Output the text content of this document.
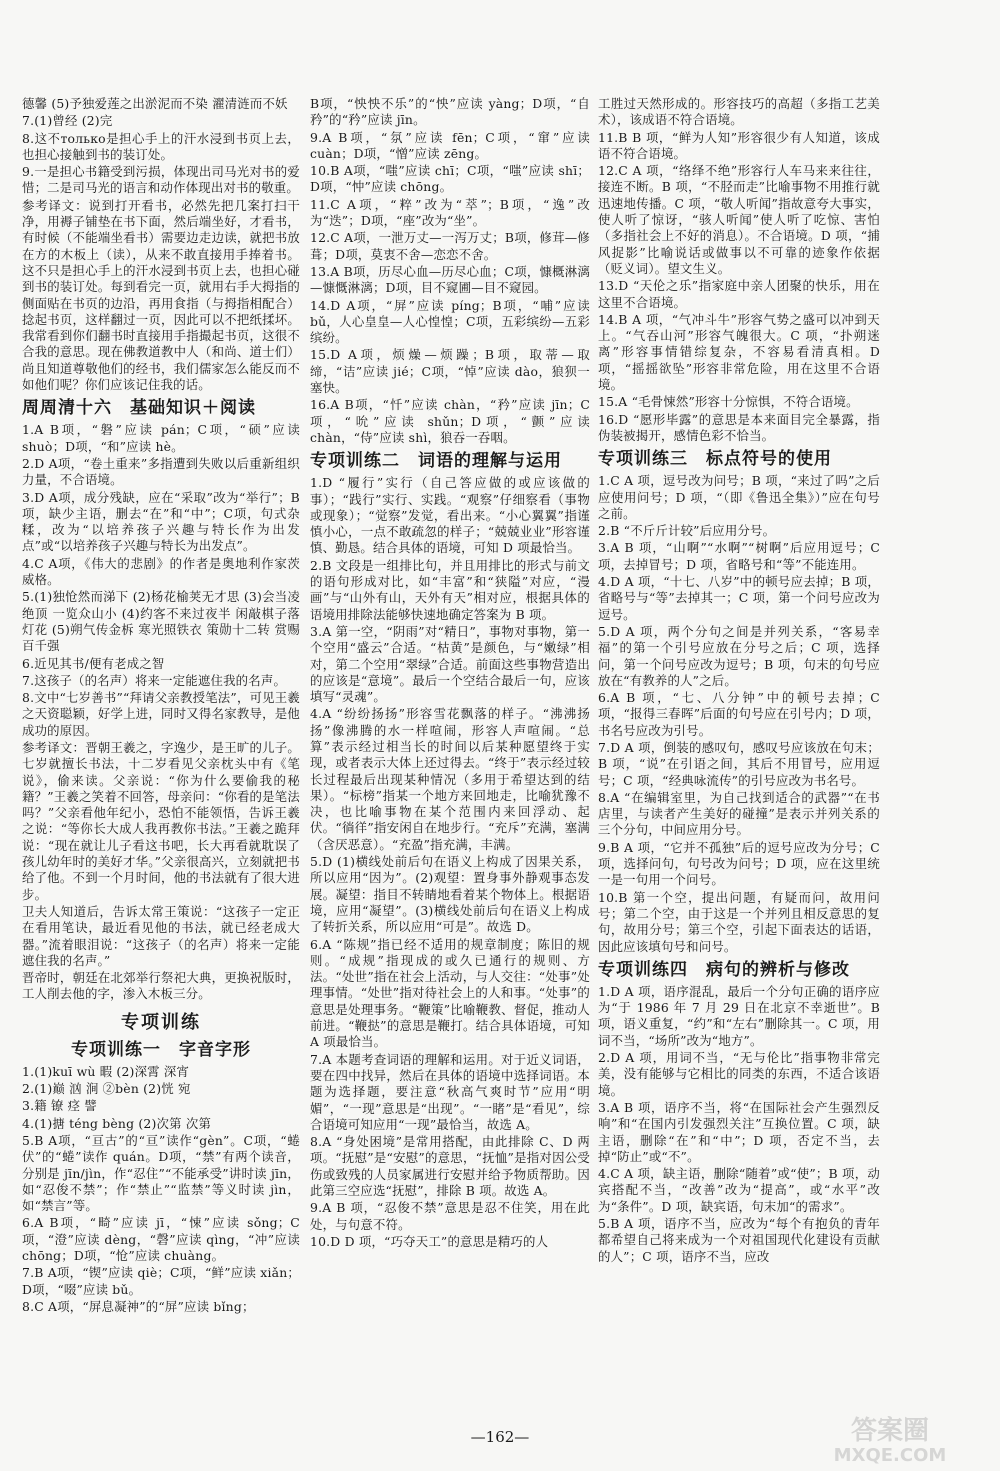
德馨 (5)予独爱莲之出淤泥而不染 濯清涟而不妖

7.(1)曾经 (2)完

8.这不только是担心手上的汗水浸到书页上去，也担心接触到书的装订处。

9.一是担心书籍受到污损，体现出司马光对书的爱惜；二是司马光的语言和动作体现出对书的敬重。

参考译文：说到打开看书，必然先把几案打扫干净，用褥子铺垫在书下面，然后端坐好，才看书，有时候（不能端坐看书）需要边走边读，就把书放在方的木板上（读），从来不敢直接用手捧着书。这不只是担心手上的汗水浸到书页上去，也担心碰到书的装订处。每到看完一页，就用右手大拇指的侧面贴在书页的边沿，再用食指（与拇指相配合）捻起书页，这样翻过一页，因此可以不把纸揉坏。我常看到你们翻书时直接用手指撮起书页，这很不合我的意思。现在佛教道教中人（和尚、道士们）尚且知道尊敬他们的经书，我们儒家怎么能反而不如他们呢？你们应该记住我的话。

周周清十六　基础知识＋阅读

1.A B项，“磐”应读 pán；C项，“硕”应读 shuò；D项，“和”应读 hè。

2.D A项，“卷土重来”多指遭到失败以后重新组织力量，不合语境。

3.D A项，成分残缺，应在“采取”改为“举行”；B项，缺少主语，删去“在”和“中”；C项，句式杂糅，改为“以培养孩子兴趣与特长作为出发点”或“以培养孩子兴趣与特长为出发点”。

4.C A项，《伟大的悲剧》的作者是奥地利作家茨威格。

5.(1)独怆然而涕下 (2)杨花榆荚无才思 (3)会当凌绝顶 一览众山小 (4)约客不来过夜半 闲敲棋子落灯花 (5)朔气传金柝 寒光照铁衣 策勋十二转 赏赐百千强

6.近见其书/便有老成之智

7.这孩子（的名声）将来一定能遮住我的名声。

8.文中“七岁善书”“拜请父亲教授笔法”，可见王羲之天资聪颖，好学上进，同时又得名家教导，是他成功的原因。

参考译文：晋朝王羲之，字逸少，是王旷的儿子。七岁就擅长书法，十二岁看见父亲枕头中有《笔说》，偷来读。父亲说：“你为什么要偷我的秘籍？”王羲之笑着不回答，母亲问：“你看的是笔法吗？”父亲看他年纪小，恐怕不能领悟，告诉王羲之说：“等你长大成人我再教你书法。”王羲之跪拜说：“现在就让儿子看这书吧，长大再看就耽误了孩儿幼年时的美好才华。”父亲很高兴，立刻就把书给了他。不到一个月时间，他的书法就有了很大进步。

卫夫人知道后，告诉太常王策说：“这孩子一定正在看用笔诀，最近看见他的书法，就已经老成大器。”流着眼泪说：“这孩子（的名声）将来一定能遮住我的名声。”

晋帝时，朝廷在北郊举行祭祀大典，更换祝版时，工人削去他的字，渗入木板三分。

专项训练
专项训练一　字音字形

1.(1)kuī wù 暇 (2)深霄 深宵

2.(1)巅 汹 涧 ②bèn (2)恍 宛

3.籍 镣 痉 譬

4.(1)搪 téng bèng (2)次第 次第

5.B A项，“亘古”的“亘”读作“gèn”。C项，“蜷伏”的“蜷”读作 quán。D项，“禁”有两个读音，分别是 jīn/jìn，作“忍住”“不能承受”讲时读 jīn，如“忍俊不禁”；作“禁止”“监禁”等义时读 jìn，如“禁言”等。

6.A B项，“畸”应读 jī，“悚”应读 sǒng；C项，“澄”应读 dèng，“磬”应读 qìng，“冲”应读 chōng；D项，“怆”应读 chuàng。

7.B A项，“锲”应读 qiè；C项，“鲜”应读 xiǎn；D项，“啜”应读 bǔ。

8.C A项，“屏息凝神”的“屏”应读 bǐng；

B项，“怏怏不乐”的“怏”应读 yàng；D项，“自矜”的“矜”应读 jīn。

9.A B项，“氛”应读 fēn；C项，“窜”应读 cuàn；D项，“憎”应读 zēng。

10.B A项，“嗤”应读 chī；C项，“嗤”应读 shī；D项，“忡”应读 chōng。

11.C A项，“粹”改为“萃”；B项，“逸”改为“迭”；D项，“座”改为“坐”。

12.C A项，一泄万丈—一泻万丈；B项，修茸—修葺；D项，莫衷不舍—恋恋不舍。

13.A B项，历尽心血—历尽心血；C项，慷概淋漓—慷慨淋漓；D项，目不窥圃—目不窥园。

14.D A项，“屏”应读 píng；B项，“哺”应读 bǔ，人心皇皇—人心惶惶；C项，五彩缤纷—五彩缤纷。

15.D A项，烦燥—烦躁；B项，取蒂—取缔，“诘”应读 jié；C项，“悼”应读 dào，狼狈一塞快。

16.A B项，“忏”应读 chàn，“矜”应读 jīn；C项，“吮”应读 shǔn；D项，“颤”应读 chàn，“侍”应读 shì，狼吞一吞咽。

专项训练二　词语的理解与运用

1.D “履行”实行（自己答应做的或应该做的事）；“践行”实行、实践。“观察”仔细察看（事物或现象）；“觉察”发觉，看出来。“小心翼翼”指谨慎小心，一点不敢疏忽的样子；“兢兢业业”形容谨慎、勤恳。结合具体的语境，可知 D 项最恰当。

2.B 文段是一组排比句，并且用排比的形式与前文的语句形成对比，如“丰富”和“狭隘”对应，“漫画”与“山外有山，天外有天”相对应，根据具体的语境用排除法能够快速地确定答案为 B 项。

3.A 第一空，“阴雨”对“精日”，事物对事物，第一个空用“盛云”合适。“枯黄”是颜色，与“嫩绿”相对，第二个空用“翠绿”合适。前面这些事物营造出的应该是“意境”。最后一个空结合最后一句，应该填写“灵魂”。

4.A “纷纷扬扬”形容雪花飘落的样子。“沸沸扬扬”像沸腾的水一样喧闹，形容人声喧闹。“总算”表示经过相当长的时间以后某种愿望终于实现，或者表示大体上还过得去。“终于”表示经过较长过程最后出现某种情况（多用于希望达到的结果）。“标榜”指某一个地方来回地走，比喻犹豫不决，也比喻事物在某个范围内来回浮动、起伏。“徜徉”指安闲自在地步行。“充斥”充满，塞满（含厌恶意）。“充盈”指充满，丰满。

5.D (1)横线处前后句在语义上构成了因果关系，所以应用“因为”。(2)观望：置身事外静观事态发展。凝望：指目不转睛地看着某个物体上。根据语境，应用“凝望”。(3)横线处前后句在语义上构成了转折关系，所以应用“可是”。故选 D。

6.A “陈规”指已经不适用的规章制度；陈旧的规则。“成规”指现成的或久已通行的规则、方法。“处世”指在社会上活动，与人交往：“处事”处理事情。“处世”指对待社会上的人和事。“处事”的意思是处理事务。“鞭策”比喻鞭教、督促，推动人前进。“鞭挞”的意思是鞭打。结合具体语境，可知 A 项最恰当。

7.A 本题考查词语的理解和运用。对于近义词语，要在四中找异，然后在具体的语境中选择词语。本题为选择题，要注意“秋高气爽时节”应用“明媚”，“一现”意思是“出现”。“一睹”是“看见”，综合语境可知应用“一现”最恰当，故选 A。

8.A “身处困境”是常用搭配，由此排除 C、D 两项。“抚慰”是“安慰”的意思，“抚恤”是指对因公受伤或致残的人员家属进行安慰并给予物质帮助。因此第三空应选“抚慰”，排除 B 项。故选 A。

9.A B 项，“忍俊不禁”意思是忍不住笑，用在此处，与句意不符。

10.D D 项，“巧夺天工”的意思是精巧的人

工胜过天然形成的。形容技巧的高超（多指工艺美术），该成语不符合语境。

11.B B 项，“鲜为人知”形容很少有人知道，该成语不符合语境。

12.C A 项，“络绎不绝”形容行人车马来来往往，接连不断。B 项，“不胫而走”比喻事物不用推行就迅速地传播。C 项，“敬人听闻”指故意夸大事实，使人听了惊讶，“骇人听闻”使人听了吃惊、害怕（多指社会上不好的消息）。不合语境。D 项，“捕风捉影”比喻说话或做事以不可靠的迹象作依据（贬义词）。望文生义。

13.D “天伦之乐”指家庭中亲人团聚的快乐，用在这里不合语境。

14.B A 项，“气冲斗牛”形容气势之盛可以冲到天上。“气吞山河”形容气魄很大。C 项，“扑朔迷离”形容事情错综复杂，不容易看清真相。D 项，“摇摇欲坠”形容非常危险，用在这里不合语境。

15.A “毛骨悚然”形容十分惊惧，不符合语境。

16.D “愿形毕露”的意思是本来面目完全暴露，指伪装被揭开，感情色彩不恰当。

专项训练三　标点符号的使用

1.C A 项，逗号改为问号；B 项，“来过了吗”之后应使用问号；D 项，“（即《鲁迅全集》）”应在句号之前。

2.B “不斤斤计较”后应用分号。

3.A B 项，“山啊”“水啊”“树啊”后应用逗号；C 项，去掉冒号；D 项，省略号和“等”不能连用。

4.D A 项，“十七、八岁”中的顿号应去掉；B 项，省略号与“等”去掉其一；C 项，第一个问号应改为逗号。

5.D A 项，两个分句之间是并列关系，“客易幸福”的第一个引号应放在分号之后；C 项，选择问，第一个问号应改为逗号；B 项，句末的句号应放在“有教养的人”之后。

6.A B 项，“七、八分钟”中的顿号去掉；C 项，“报得三春晖”后面的句号应在引号内；D 项，书名号应改为引号。

7.D A 项，倒装的感叹句，感叹号应该放在句末；B 项，“说”在引语之间，其后不用冒号，应用逗号；C 项，“经典咏流传”的引号应改为书名号。

8.A “在编辑室里，为自己找到适合的武器”“在书店里，与读者产生美好的碰撞”是表示并列关系的三个分句，中间应用分号。

9.B A 项，“它并不孤独”后的逗号应改为分号；C 项，选择问句，句号改为问号；D 项，应在这里统一是一句用一个问号。

10.B 第一个空，提出问题，有疑而问，故用问号；第二个空，由于这是一个并列且相反意思的复句，故用分号；第三个空，引起下面表达的话语，因此应该填句号和问号。

专项训练四　病句的辨析与修改

1.D A 项，语序混乱，最后一个分句正确的语序应为“于 1986 年 7 月 29 日在北京不幸逝世”。B 项，语义重复，“约”和“左右”删除其一。C 项，用词不当，“场所”改为“地方”。

2.D A 项，用词不当，“无与伦比”指事物非常完美，没有能够与它相比的同类的东西，不适合该语境。

3.A B 项，语序不当，将“在国际社会产生强烈反响”和“在国内引发强烈关注”互换位置。C 项，缺主语，删除“在”和“中”；D 项，否定不当，去掉“防止”或“不”。

4.C A 项，缺主语，删除“随着”或“使”；B 项，动宾搭配不当，“改善”改为“提高”，或“水平”改为“条件”。D 项，缺宾语，句末加“的需求”。

5.B A 项，语序不当，应改为“每个有抱负的青年都希望自己将来成为一个对祖国现代化建设有贡献的人”；C 项，语序不当，应改

—162—	答案圈
MXQE.COM
